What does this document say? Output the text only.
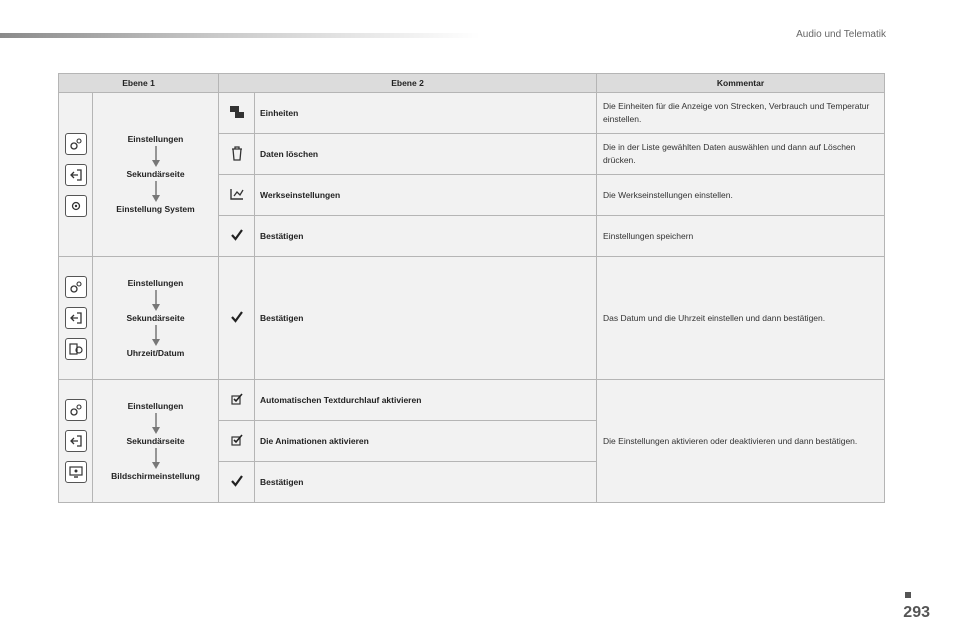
Audio und Telematik
Ebene 1		Ebene 2		Kommentar

Einstellungen
Sekundärseite
Einstellung System		Einheiten	Die Einheiten für die Anzeige von Strecken, Verbrauch und Temperatur einstellen.
	Daten löschen	Die in der Liste gewählten Daten auswählen und dann auf Löschen drücken.
	Werkseinstellungen	Die Werkseinstellungen einstellen.
	Bestätigen	Einstellungen speichern

Einstellungen
Sekundärseite
Uhrzeit/Datum		Bestätigen	Das Datum und die Uhrzeit einstellen und dann bestätigen.

Einstellungen
Sekundärseite
Bildschirmeinstellung		Automatischen Textdurchlauf aktivieren	Die Einstellungen aktivieren oder deaktivieren und dann bestätigen.
	Die Animationen aktivieren	
	Bestätigen	
293
